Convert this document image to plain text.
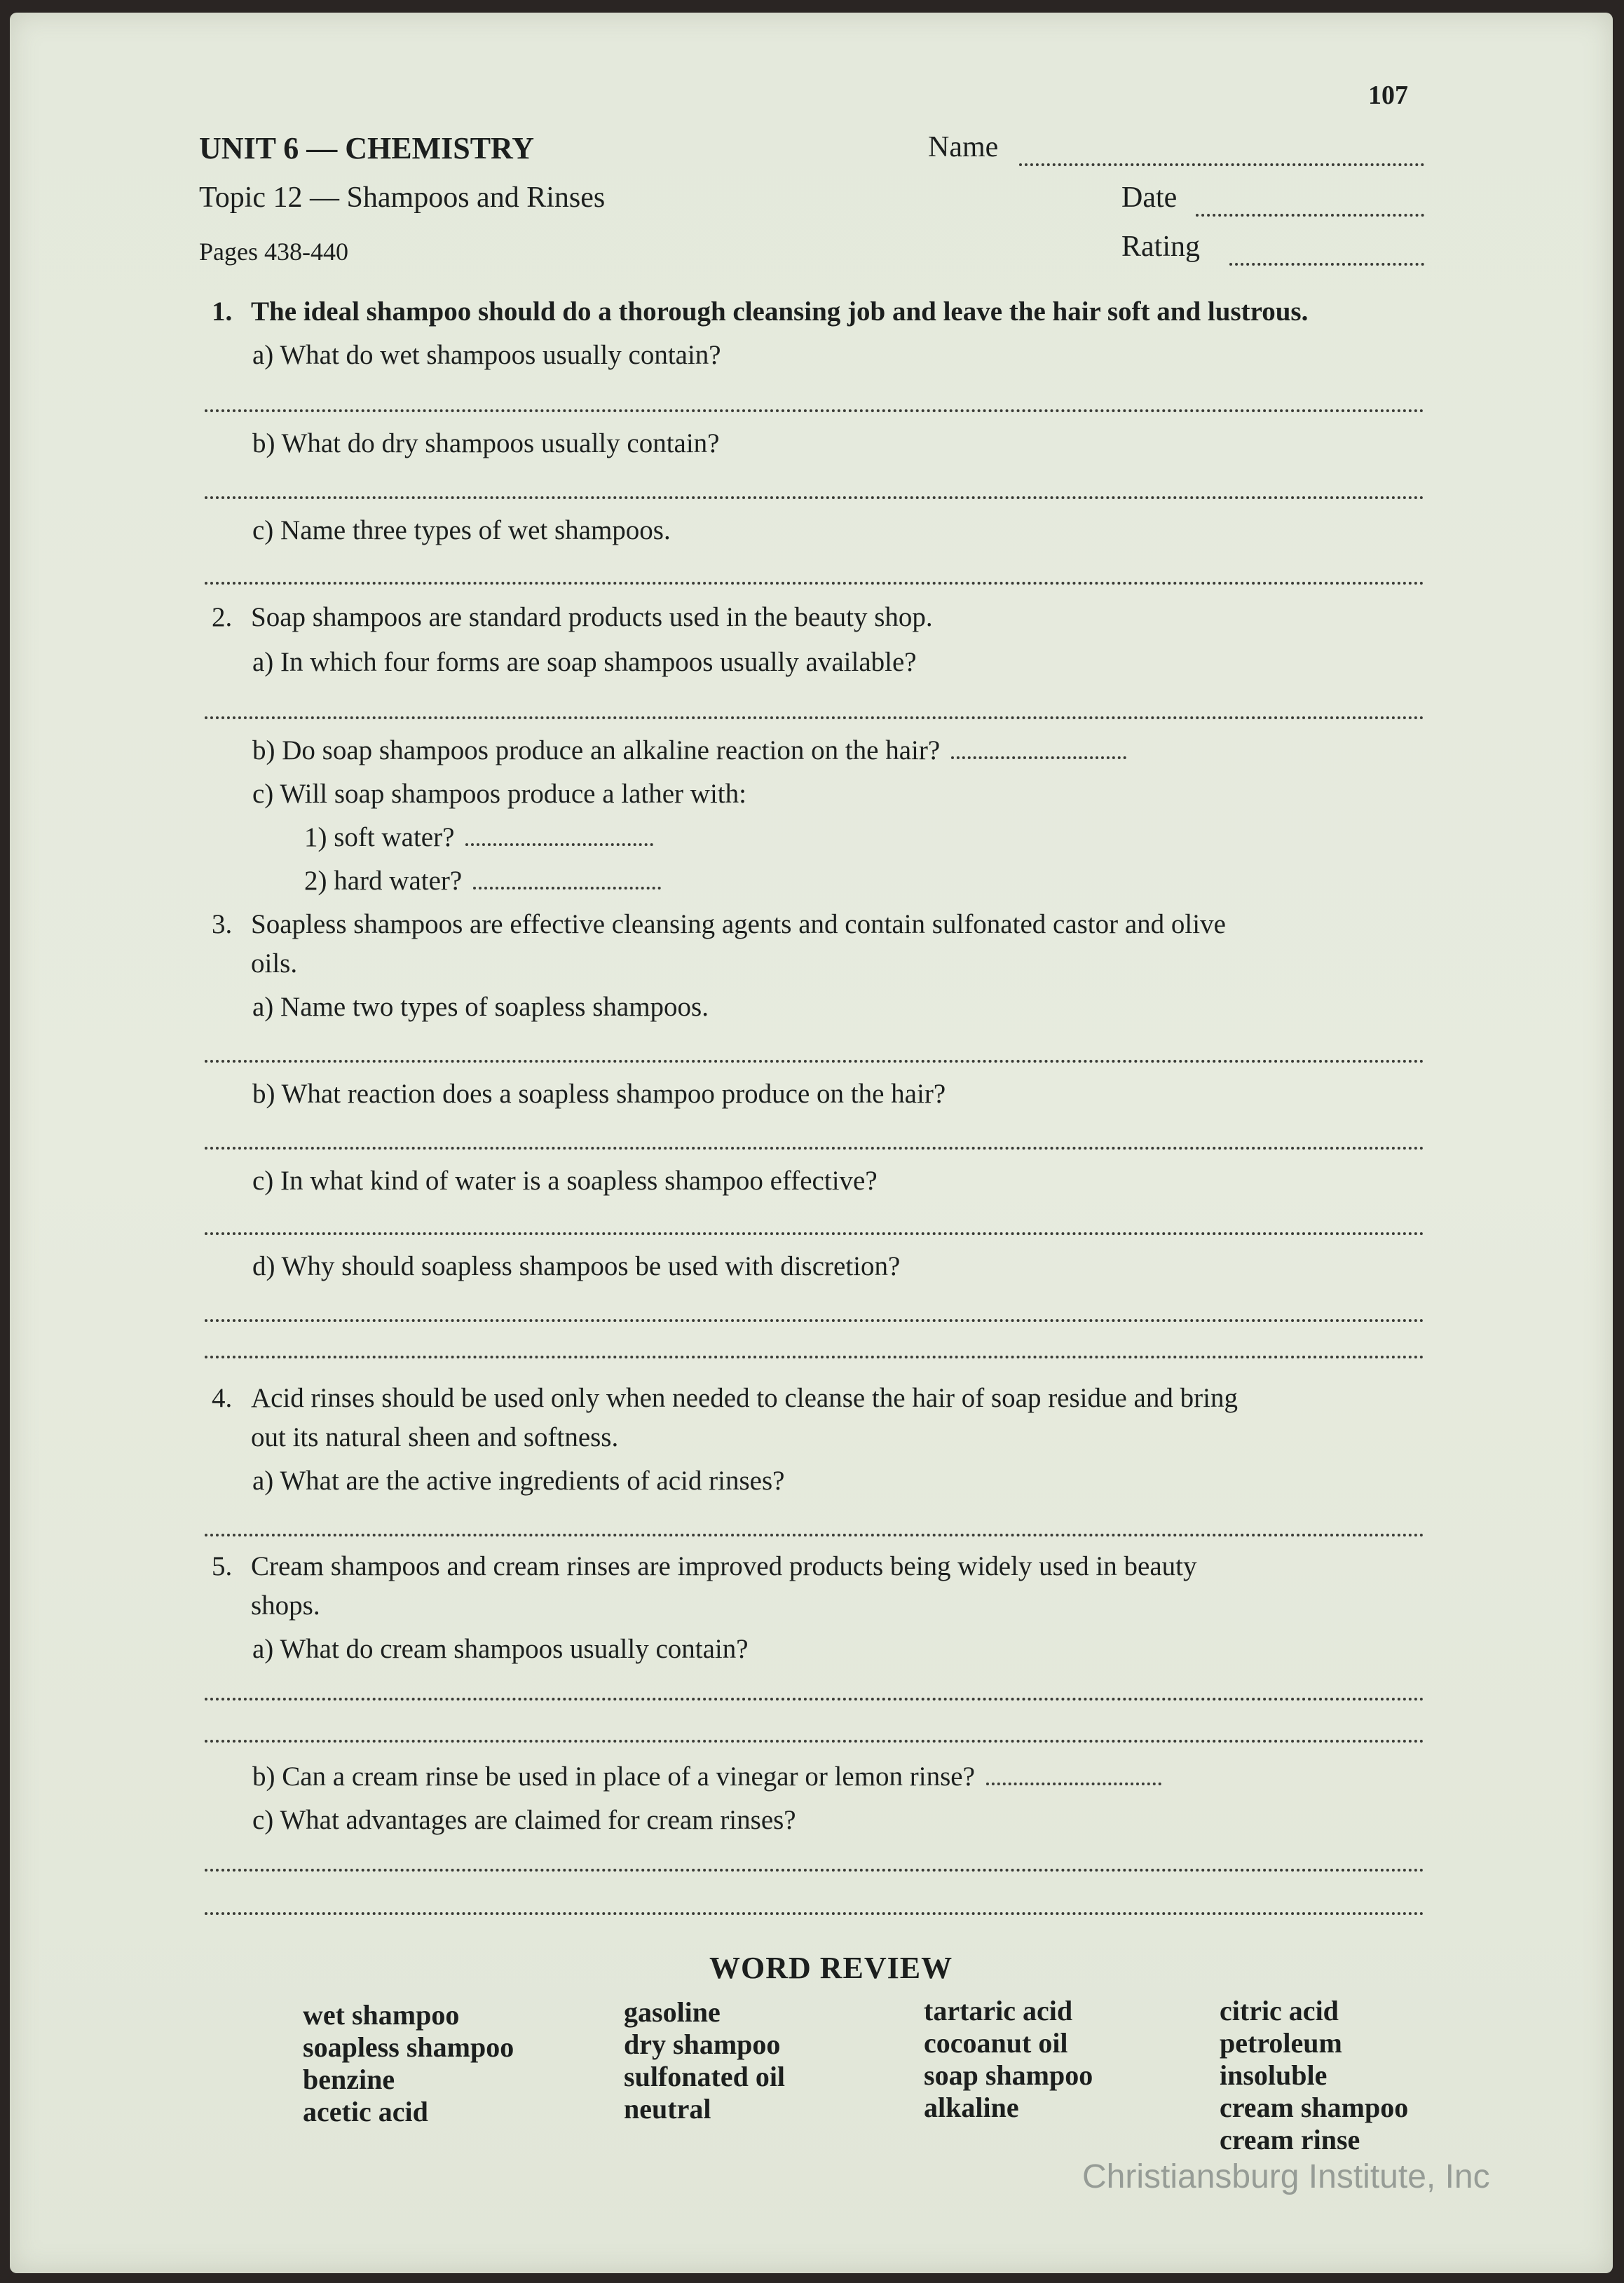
107
UNIT 6 — CHEMISTRY
Topic 12 — Shampoos and Rinses
Pages 438-440
Name
Date
Rating
1. The ideal shampoo should do a thorough cleansing job and leave the hair soft and lustrous.
a) What do wet shampoos usually contain?
b) What do dry shampoos usually contain?
c) Name three types of wet shampoos.
2. Soap shampoos are standard products used in the beauty shop.
a) In which four forms are soap shampoos usually available?
b) Do soap shampoos produce an alkaline reaction on the hair?
c) Will soap shampoos produce a lather with:
1) soft water?
2) hard water?
3. Soapless shampoos are effective cleansing agents and contain sulfonated castor and olive
oils.
a) Name two types of soapless shampoos.
b) What reaction does a soapless shampoo produce on the hair?
c) In what kind of water is a soapless shampoo effective?
d) Why should soapless shampoos be used with discretion?
4. Acid rinses should be used only when needed to cleanse the hair of soap residue and bring
out its natural sheen and softness.
a) What are the active ingredients of acid rinses?
5. Cream shampoos and cream rinses are improved products being widely used in beauty
shops.
a) What do cream shampoos usually contain?
b) Can a cream rinse be used in place of a vinegar or lemon rinse?
c) What advantages are claimed for cream rinses?
WORD REVIEW
wet shampoo
soapless shampoo
benzine
acetic acid
gasoline
dry shampoo
sulfonated oil
neutral
tartaric acid
cocoanut oil
soap shampoo
alkaline
citric acid
petroleum
insoluble
cream shampoo
cream rinse
Christiansburg Institute, Inc
